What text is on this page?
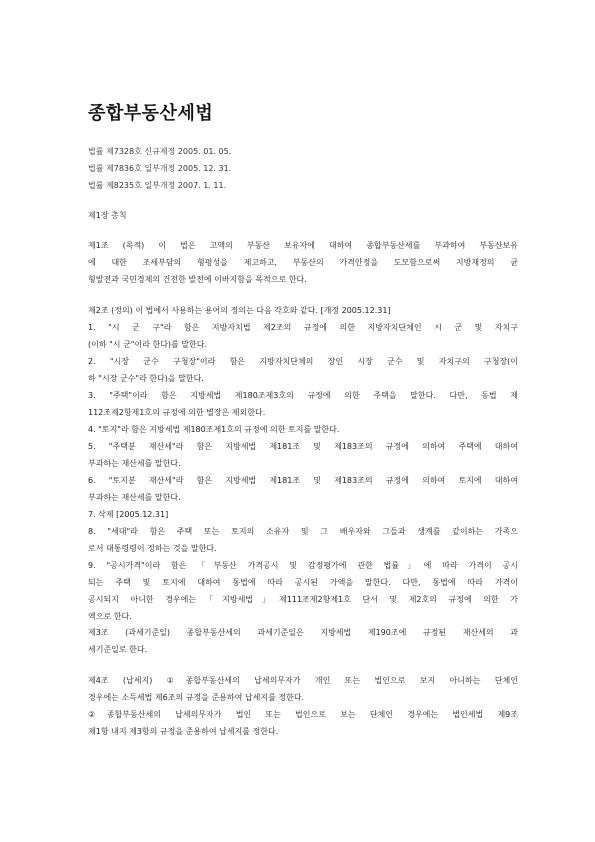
종합부동산세법
법률 제7328호 신규제정 2005. 01. 05.
법률 제7836호 일부개정 2005. 12. 31.
법률 제8235호 일부개정 2007. 1. 11.
제1장 총칙

제1조 (목적) 이 법은 고액의 부동산 보유자에 대하여 종합부동산세를 부과하여 부동산보유

에 대한 조세부담의 형평성을 제고하고, 부동산의 가격안정을 도모함으로써 지방재정의 균

형발전과 국민경제의 건전한 발전에 이바지함을 목적으로 한다.

제2조 (정의) 이 법에서 사용하는 용어의 정의는 다음 각호와 같다. [개정 2005.12.31]

1. "시 군 구"라 함은 지방자치법 제2조의 규정에 의한 지방자치단체인 시 군 및 자치구

(이하 "시 군"이라 한다)를 말한다.

2. "시장 군수 구청장"이라 함은 지방자치단체의 장인 시장 군수 및 자치구의 구청장(이

하 "시장 군수"라 한다)을 말한다.

3. "주택"이라 함은 지방세법 제180조제3호의 규정에 의한 주택을 말한다. 다만, 동법 제

112조제2항제1호의 규정에 의한 별장은 제외한다.

4. "토지"라 함은 지방세법 제180조제1호의 규정에 의한 토지를 말한다.

5. "주택분 재산세"라 함은 지방세법 제181조 및 제183조의 규정에 의하여 주택에 대하여

부과하는 재산세를 말한다.

6. "토지분 재산세"라 함은 지방세법 제181조 및 제183조의 규정에 의하여 토지에 대하여

부과하는 재산세를 말한다.

7. 삭제 [2005.12.31]

8. "세대"라 함은 주택 또는 토지의 소유자 및 그 배우자와 그들과 생계를 같이하는 가족으

로서 대통령령이 정하는 것을 말한다.

9. "공시가격"이라 함은 「부동산 가격공시 및 감정평가에 관한 법률」에 따라 가격이 공시

되는 주택 및 토지에 대하여 동법에 따라 공시된 가액을 말한다. 다만, 동법에 따라 가격이

공시되지 아니한 경우에는「지방세법」제111조제2항제1호 단서 및 제2호의 규정에 의한 가

액으로 한다.

제3조 (과세기준일) 종합부동산세의 과세기준일은 지방세법 제190조에 규정된 재산세의 과

세기준일로 한다.

제4조 (납세지) ①종합부동산세의 납세의무자가 개인 또는 법인으로 보지 아니하는 단체인

경우에는 소득세법 제6조의 규정을 준용하여 납세지를 정한다.

②종합부동산세의 납세의무자가 법인 또는 법인으로 보는 단체인 경우에는 법인세법 제9조

제1항 내지 제3항의 규정을 준용하여 납세지를 정한다.
